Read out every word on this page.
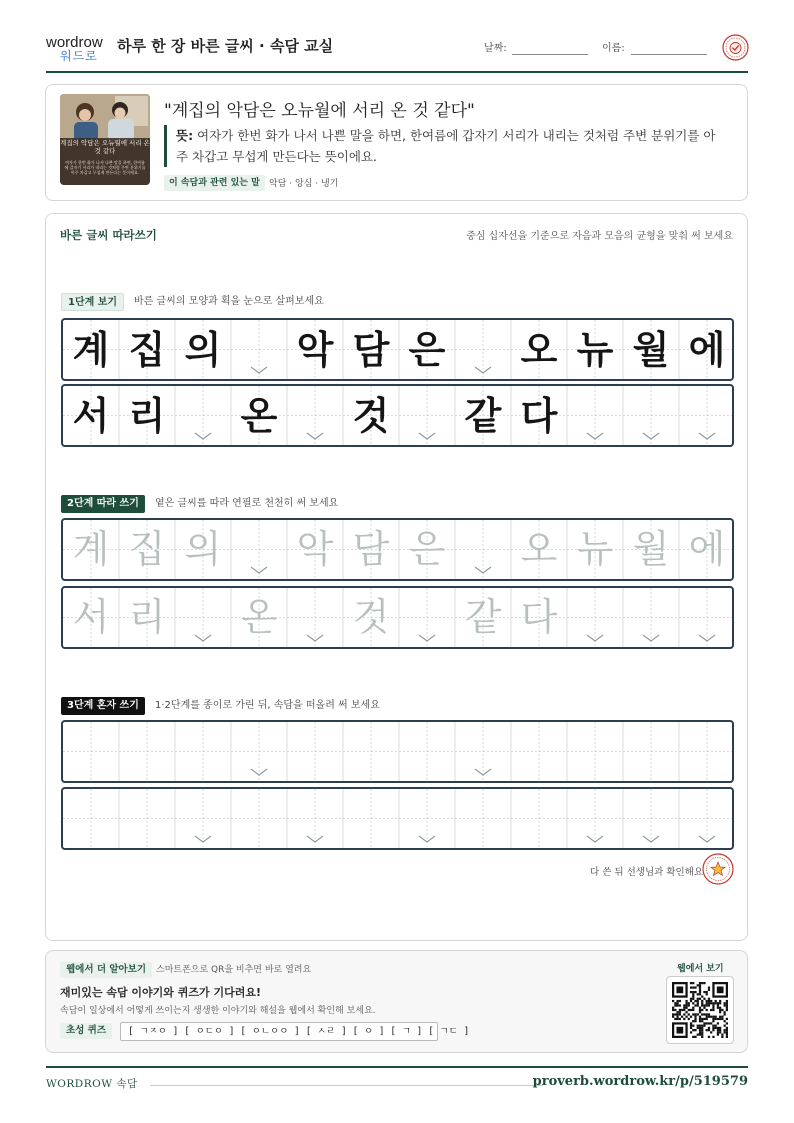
wordrow
워드로
하루 한 장 바른 글씨 · 속담 교실	날짜:	이름:
계집의 악담은 오뉴월에 서리 온 것 같다
여자가 한번 화가 나서 나쁜 말을 하면, 한여름에 갑자기 서리가 내리는 것처럼 주변 분위기를 아주 차갑고 무섭게 만든다는 뜻이에요.
"계집의 악담은 오뉴월에 서리 온 것 같다"
뜻: 여자가 한번 화가 나서 나쁜 말을 하면, 한여름에 갑자기 서리가 내리는 것처럼 주변 분위기를 아주 차갑고 무섭게 만든다는 뜻이에요.
이 속담과 관련 있는 말	악담 · 앙심 · 냉기
바른 글씨 따라쓰기	중심 십자선을 기준으로 자음과 모음의 균형을 맞춰 써 보세요
1단계 보기	바른 글씨의 모양과 획을 눈으로 살펴보세요
계 집 의 악 담 은 오 뉴 월 에
서 리 온 것 같 다
2단계 따라 쓰기	옅은 글씨를 따라 연필로 천천히 써 보세요
계 집 의 악 담 은 오 뉴 월 에
서 리 온 것 같 다
3단계 혼자 쓰기	1·2단계를 종이로 가린 뒤, 속담을 떠올려 써 보세요
다 쓴 뒤 선생님과 확인해요
웹에서 더 알아보기	스마트폰으로 QR을 비추면 바로 열려요
재미있는 속담 이야기와 퀴즈가 기다려요!
속담이 일상에서 어떻게 쓰이는지 생생한 이야기와 해설을 웹에서 확인해 보세요.
초성 퀴즈	[ ㄱㅈㅇ ] [ ㅇㄷㅇ ] [ ㅇㄴㅇㅇ ] [ ㅅㄹ ] [ ㅇ ] [ ㄱ ] [ ㄱㄷ ]
웹에서 보기
WORDROW 속담	proverb.wordrow.kr/p/519579
